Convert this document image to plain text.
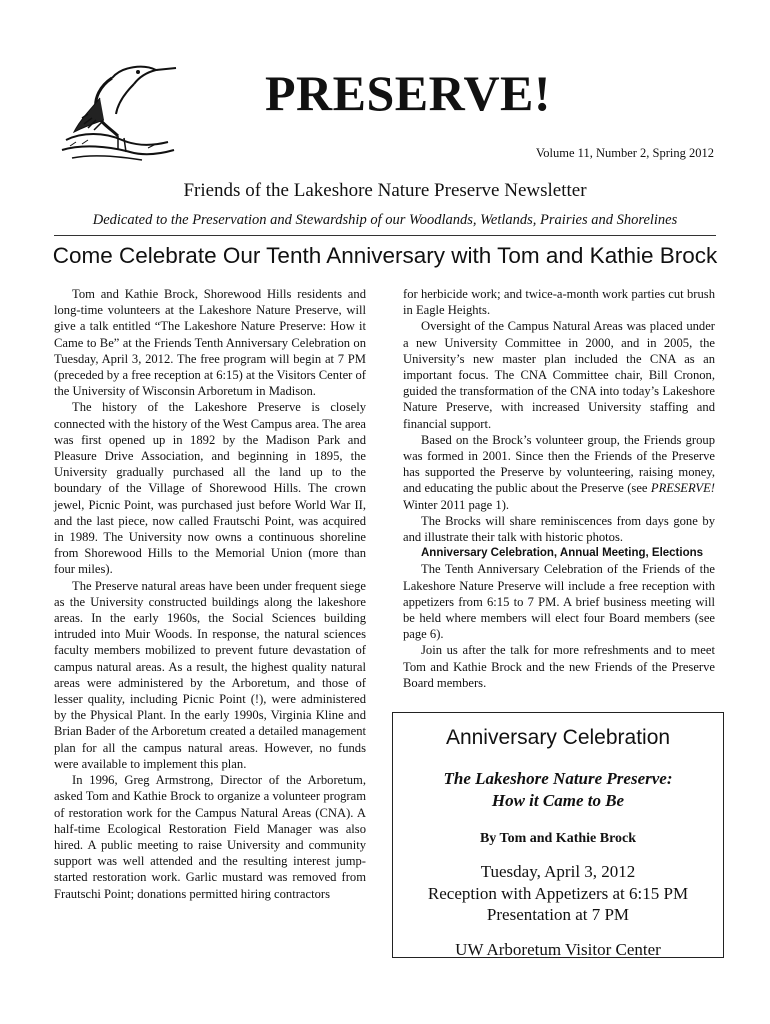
PRESERVE!
Volume 11, Number 2, Spring 2012
Friends of the Lakeshore Nature Preserve Newsletter
Dedicated to the Preservation and Stewardship of our Woodlands, Wetlands, Prairies and Shorelines
Come Celebrate Our Tenth Anniversary with Tom and Kathie Brock

Tom and Kathie Brock, Shorewood Hills residents and long-time volunteers at the Lakeshore Nature Preserve, will give a talk entitled “The Lakeshore Nature Preserve: How it Came to Be” at the Friends Tenth Anniversary Celebration on Tuesday, April 3, 2012. The free program will begin at 7 PM (preceded by a free reception at 6:15) at the Visitors Center of the University of Wisconsin Arboretum in Madison.

The history of the Lakeshore Preserve is closely connected with the history of the West Campus area. The area was first opened up in 1892 by the Madison Park and Pleasure Drive Association, and beginning in 1895, the University gradually purchased all the land up to the boundary of the Village of Shorewood Hills. The crown jewel, Picnic Point, was purchased just before World War II, and the last piece, now called Frautschi Point, was acquired in 1989. The University now owns a continuous shoreline from Shorewood Hills to the Memorial Union (more than four miles).

The Preserve natural areas have been under frequent siege as the University constructed buildings along the lakeshore areas. In the early 1960s, the Social Sciences building intruded into Muir Woods. In response, the natural sciences faculty members mobilized to prevent future devastation of campus natural areas. As a result, the highest quality natural areas were administered by the Arboretum, and those of lesser quality, including Picnic Point (!), were administered by the Physical Plant. In the early 1990s, Virginia Kline and Brian Bader of the Arboretum created a detailed management plan for all the campus natural areas. However, no funds were available to implement this plan.

In 1996, Greg Armstrong, Director of the Arboretum, asked Tom and Kathie Brock to organize a volunteer program of restoration work for the Campus Natural Areas (CNA). A half-time Ecological Restoration Field Manager was also hired. A public meeting to raise University and community support was well attended and the resulting interest jump-started restoration work. Garlic mustard was removed from Frautschi Point; donations permitted hiring contractors

for herbicide work; and twice-a-month work parties cut brush in Eagle Heights.

Oversight of the Campus Natural Areas was placed under a new University Committee in 2000, and in 2005, the University’s new master plan included the CNA as an important focus. The CNA Committee chair, Bill Cronon, guided the transformation of the CNA into today’s Lakeshore Nature Preserve, with increased University staffing and financial support.

Based on the Brock’s volunteer group, the Friends group was formed in 2001. Since then the Friends of the Preserve has supported the Preserve by volunteering, raising money, and educating the public about the Preserve (see PRESERVE! Winter 2011 page 1).

The Brocks will share reminiscences from days gone by and illustrate their talk with historic photos.

Anniversary Celebration, Annual Meeting, Elections

The Tenth Anniversary Celebration of the Friends of the Lakeshore Nature Preserve will include a free reception with appetizers from 6:15 to 7 PM. A brief business meeting will be held where members will elect four Board members (see page 6).

Join us after the talk for more refreshments and to meet Tom and Kathie Brock and the new Friends of the Preserve Board members.

Anniversary Celebration
The Lakeshore Nature Preserve:
How it Came to Be
By Tom and Kathie Brock
Tuesday, April 3, 2012
Reception with Appetizers at 6:15 PM
Presentation at 7 PM
UW Arboretum Visitor Center
